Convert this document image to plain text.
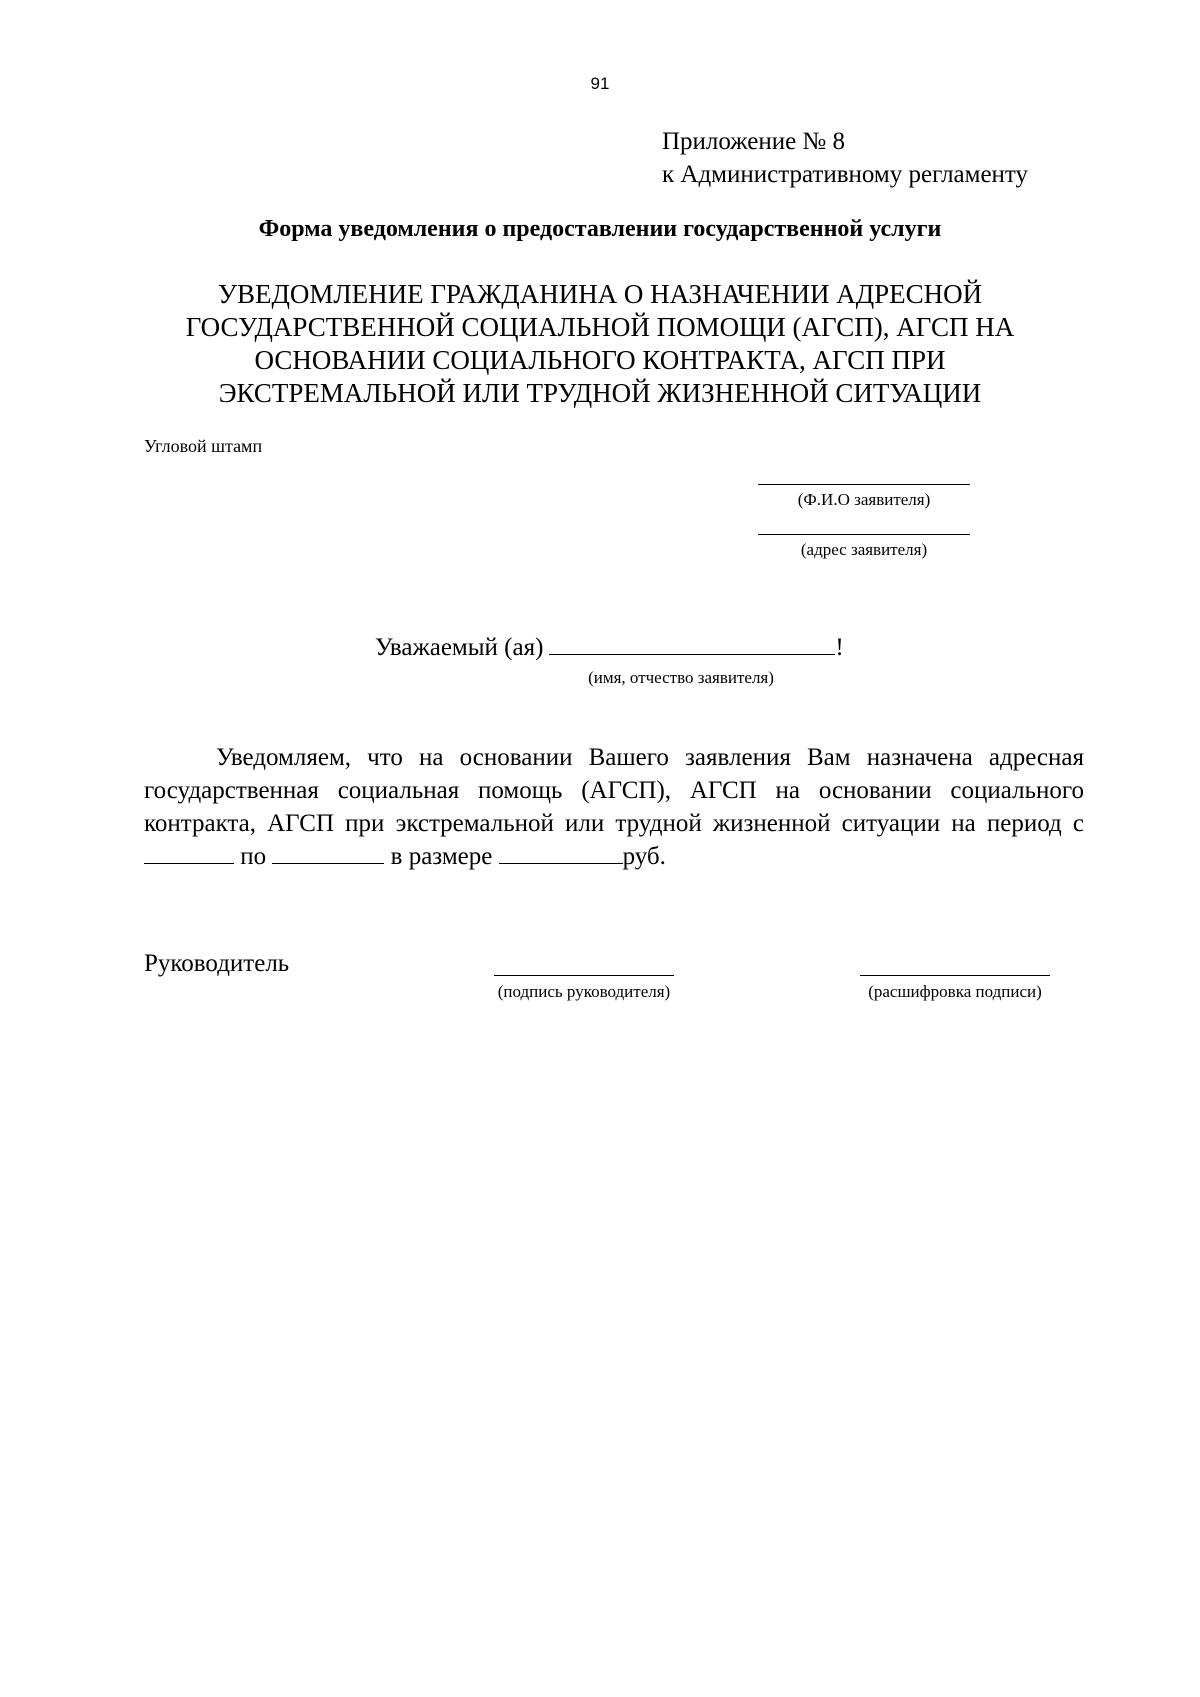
91
Приложение № 8
к Административному регламенту
Форма уведомления о предоставлении государственной услуги
УВЕДОМЛЕНИЕ ГРАЖДАНИНА О НАЗНАЧЕНИИ АДРЕСНОЙ
ГОСУДАРСТВЕННОЙ СОЦИАЛЬНОЙ ПОМОЩИ (АГСП), АГСП НА
ОСНОВАНИИ СОЦИАЛЬНОГО КОНТРАКТА, АГСП ПРИ
ЭКСТРЕМАЛЬНОЙ ИЛИ ТРУДНОЙ ЖИЗНЕННОЙ СИТУАЦИИ
Угловой штамп
(Ф.И.О заявителя)
(адрес заявителя)
Уважаемый (ая)	!
(имя, отчество заявителя)
Уведомляем, что на основании Вашего заявления Вам назначена адресная государственная социальная помощь (АГСП), АГСП на основании социального контракта, АГСП при экстремальной или трудной жизненной ситуации на период с  по	в размере	руб.
Руководитель
(подпись руководителя)	(расшифровка подписи)
